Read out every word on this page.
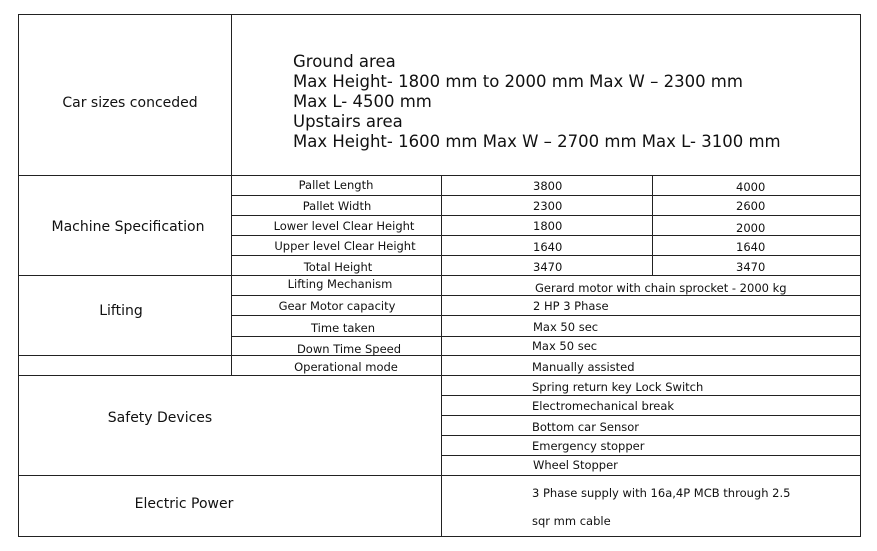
Car sizes conceded
Ground area
Max Height- 1800 mm to 2000 mm Max W – 2300 mm
Max L- 4500 mm
Upstairs area
Max Height- 1600 mm Max W – 2700 mm Max L- 3100 mm
Machine Specification
Pallet Length	3800	4000
Pallet Width	2300	2600
Lower level Clear Height	1800	2000
Upper level Clear Height	1640	1640
Total Height	3470	3470
Lifting
Lifting Mechanism	Gerard motor with chain sprocket - 2000 kg
Gear Motor capacity	2 HP 3 Phase
Time taken	Max 50 sec
Down Time Speed	Max 50 sec
Operational mode	Manually assisted
Safety Devices
Spring return key Lock Switch
Electromechanical break
Bottom car Sensor
Emergency stopper
Wheel Stopper
Electric Power
3 Phase supply with 16a,4P MCB through 2.5
sqr mm cable
